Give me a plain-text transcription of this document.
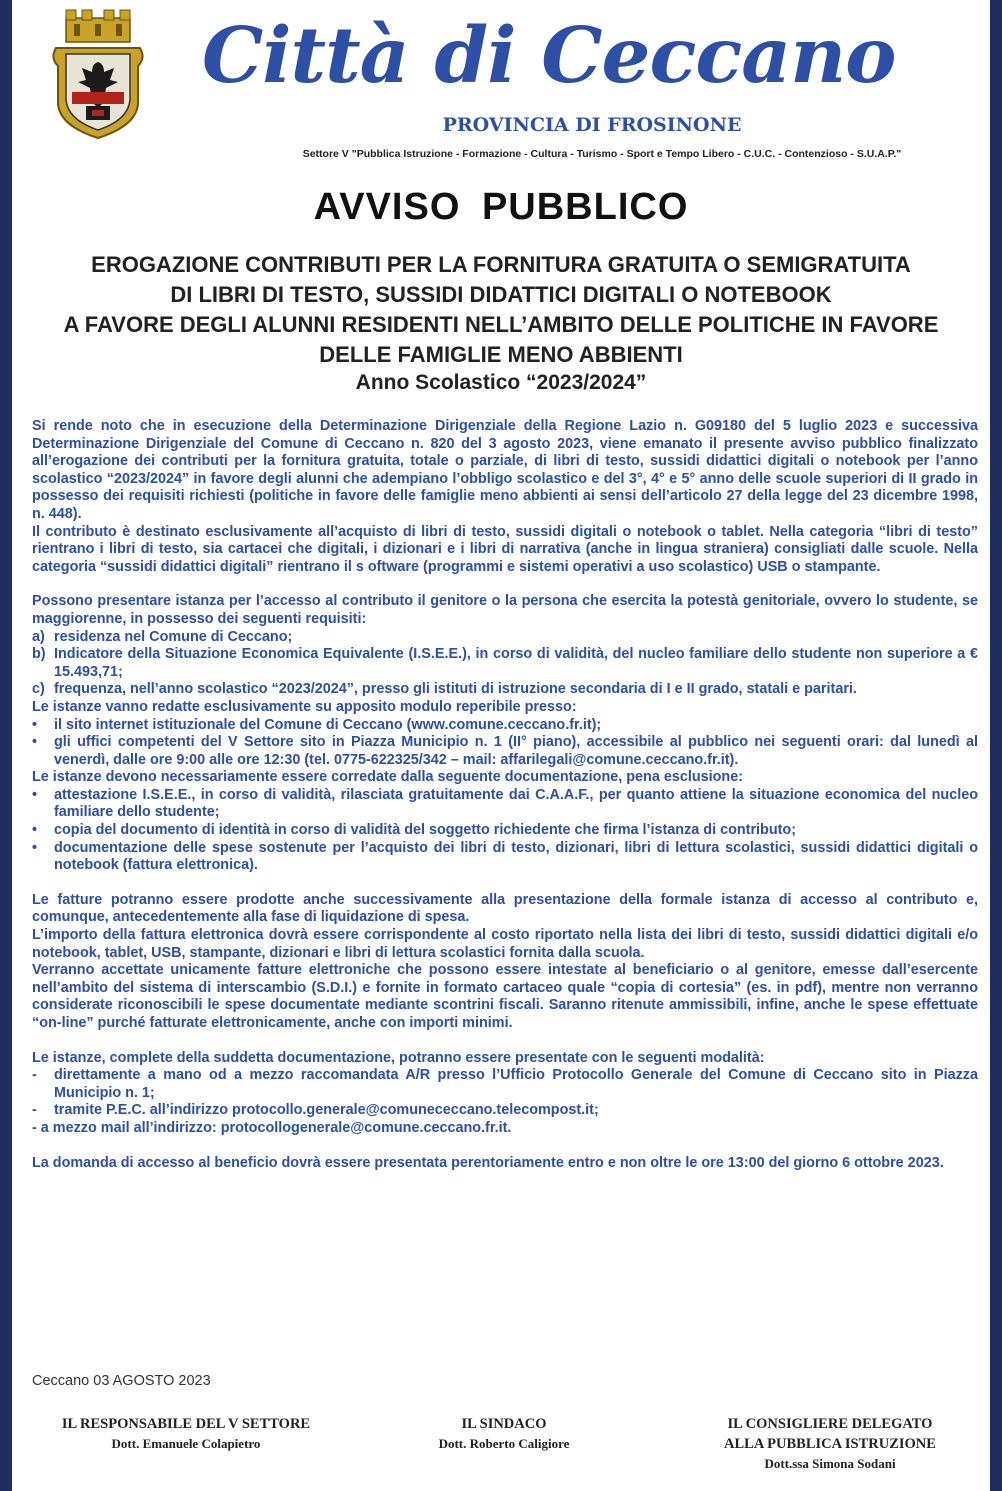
Città di Ceccano
PROVINCIA DI FROSINONE
Settore V "Pubblica Istruzione - Formazione - Cultura - Turismo - Sport e Tempo Libero - C.U.C. - Contenzioso - S.U.A.P."
AVVISO PUBBLICO
EROGAZIONE CONTRIBUTI PER LA FORNITURA GRATUITA O SEMIGRATUITA
DI LIBRI DI TESTO, SUSSIDI DIDATTICI DIGITALI O NOTEBOOK
A FAVORE DEGLI ALUNNI RESIDENTI NELL’AMBITO DELLE POLITICHE IN FAVORE
DELLE FAMIGLIE MENO ABBIENTI
Anno Scolastico “2023/2024”

Si rende noto che in esecuzione della Determinazione Dirigenziale della Regione Lazio n. G09180 del 5 luglio 2023 e successiva Determinazione Dirigenziale del Comune di Ceccano n. 820 del 3 agosto 2023, viene emanato il presente avviso pubblico finalizzato all’erogazione dei contributi per la fornitura gratuita, totale o parziale, di libri di testo, sussidi didattici digitali o notebook per l’anno scolastico “2023/2024” in favore degli alunni che adempiano l’obbligo scolastico e del 3°, 4° e 5° anno delle scuole superiori di II grado in possesso dei requisiti richiesti (politiche in favore delle famiglie meno abbienti ai sensi dell’articolo 27 della legge del 23 dicembre 1998, n. 448).

Il contributo è destinato esclusivamente all’acquisto di libri di testo, sussidi digitali o notebook o tablet. Nella categoria “libri di testo” rientrano i libri di testo, sia cartacei che digitali, i dizionari e i libri di narrativa (anche in lingua straniera) consigliati dalle scuole. Nella categoria “sussidi didattici digitali” rientrano il s oftware (programmi e sistemi operativi a uso scolastico) USB o stampante.

Possono presentare istanza per l’accesso al contributo il genitore o la persona che esercita la potestà genitoriale, ovvero lo studente, se maggiorenne, in possesso dei seguenti requisiti:

a) residenza nel Comune di Ceccano;
b) Indicatore della Situazione Economica Equivalente (I.S.E.E.), in corso di validità, del nucleo familiare dello studente non superiore a € 15.493,71;
c) frequenza, nell’anno scolastico “2023/2024”, presso gli istituti di istruzione secondaria di I e II grado, statali e paritari.

Le istanze vanno redatte esclusivamente su apposito modulo reperibile presso:

•	il sito internet istituzionale del Comune di Ceccano (www.comune.ceccano.fr.it);
•	gli uffici competenti del V Settore sito in Piazza Municipio n. 1 (II° piano), accessibile al pubblico nei seguenti orari: dal lunedì al venerdì, dalle ore 9:00 alle ore 12:30 (tel. 0775-622325/342 – mail: affarilegali@comune.ceccano.fr.it).

Le istanze devono necessariamente essere corredate dalla seguente documentazione, pena esclusione:

•	attestazione I.S.E.E., in corso di validità, rilasciata gratuitamente dai C.A.A.F., per quanto attiene la situazione economica del nucleo familiare dello studente;
•	copia del documento di identità in corso di validità del soggetto richiedente che firma l’istanza di contributo;
•	documentazione delle spese sostenute per l’acquisto dei libri di testo, dizionari, libri di lettura scolastici, sussidi didattici digitali o notebook (fattura elettronica).

Le fatture potranno essere prodotte anche successivamente alla presentazione della formale istanza di accesso al contributo e, comunque, antecedentemente alla fase di liquidazione di spesa.

L’importo della fattura elettronica dovrà essere corrispondente al costo riportato nella lista dei libri di testo, sussidi didattici digitali e/o notebook, tablet, USB, stampante, dizionari e libri di lettura scolastici fornita dalla scuola.

Verranno accettate unicamente fatture elettroniche che possono essere intestate al beneficiario o al genitore, emesse dall’esercente nell’ambito del sistema di interscambio (S.D.I.) e fornite in formato cartaceo quale “copia di cortesia” (es. in pdf), mentre non verranno considerate riconoscibili le spese documentate mediante scontrini fiscali. Saranno ritenute ammissibili, infine, anche le spese effettuate “on-line” purché fatturate elettronicamente, anche con importi minimi.

Le istanze, complete della suddetta documentazione, potranno essere presentate con le seguenti modalità:

-	direttamente a mano od a mezzo raccomandata A/R presso l’Ufficio Protocollo Generale del Comune di Ceccano sito in Piazza Municipio n. 1;
-	tramite P.E.C. all’indirizzo protocollo.generale@comunececcano.telecompost.it;

- a mezzo mail all’indirizzo: protocollogenerale@comune.ceccano.fr.it.

La domanda di accesso al beneficio dovrà essere presentata perentoriamente entro e non oltre le ore 13:00 del giorno 6 ottobre 2023.

Ceccano 03 AGOSTO 2023
IL RESPONSABILE DEL V SETTORE
Dott. Emanuele Colapietro
IL SINDACO
Dott. Roberto Caligiore
IL CONSIGLIERE DELEGATO
ALLA PUBBLICA ISTRUZIONE
Dott.ssa Simona Sodani
